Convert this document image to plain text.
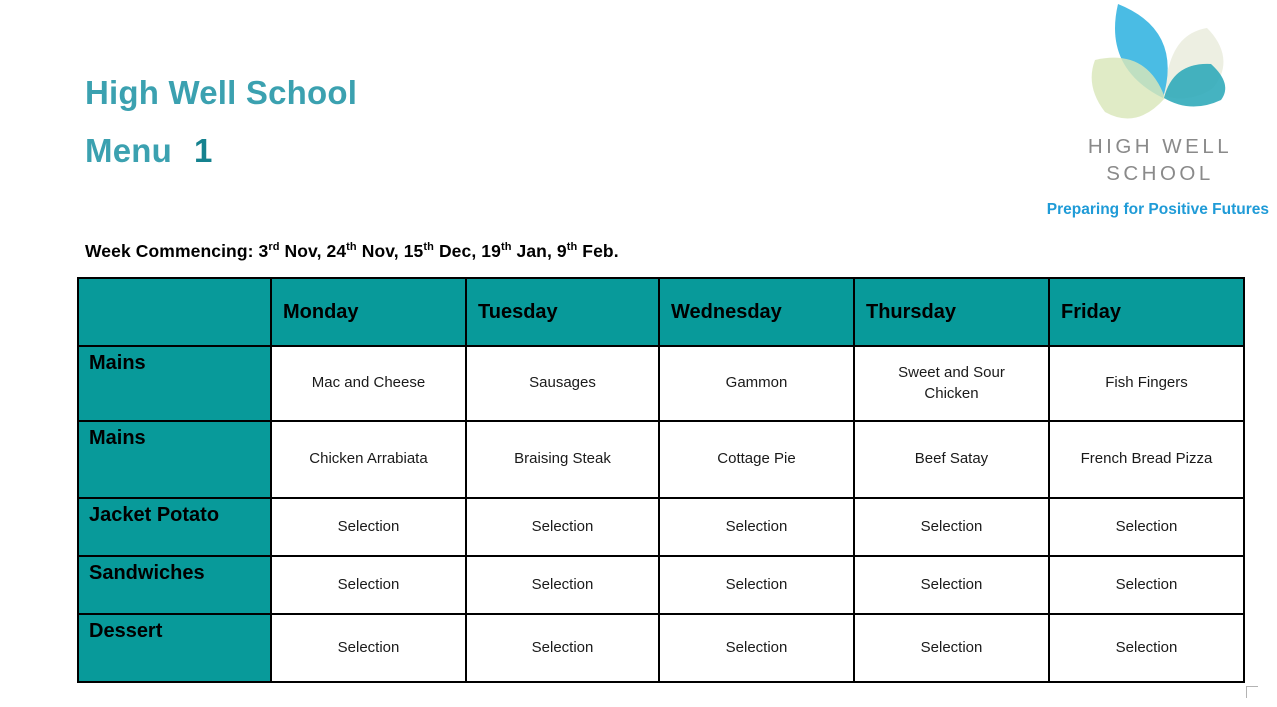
High Well School
Menu 1	HIGH WELL
SCHOOL
Preparing for Positive Futures
Week Commencing: 3rd Nov, 24th Nov, 15th Dec, 19th Jan, 9th Feb.
	Monday	Tuesday	Wednesday	Thursday	Friday
Mains	Mac and Cheese	Sausages	Gammon	Sweet and Sour Chicken	Fish Fingers
Mains	Chicken Arrabiata	Braising Steak	Cottage Pie	Beef Satay	French Bread Pizza
Jacket Potato	Selection	Selection	Selection	Selection	Selection
Sandwiches	Selection	Selection	Selection	Selection	Selection
Dessert	Selection	Selection	Selection	Selection	Selection
